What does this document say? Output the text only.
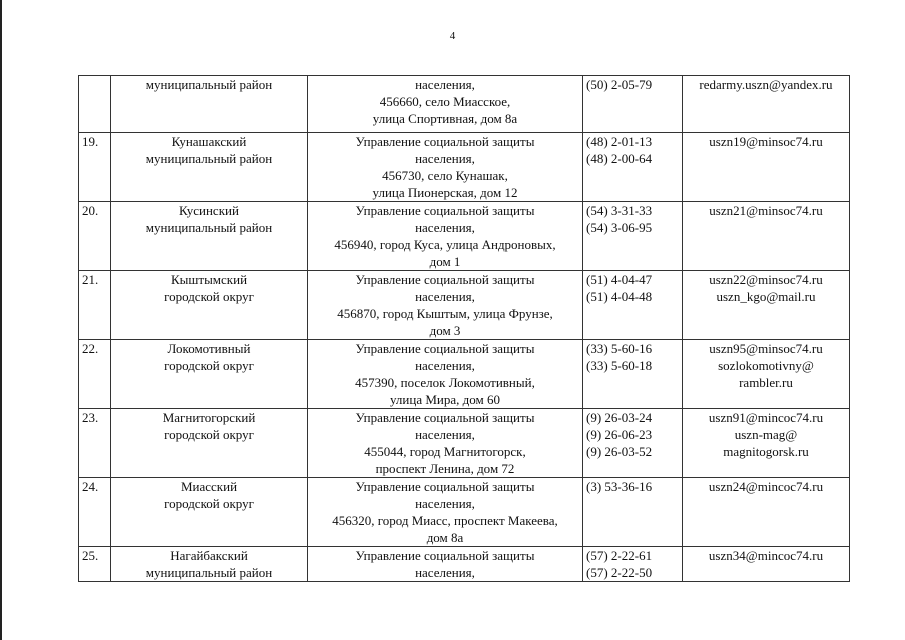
4

	муниципальный район	населения,
456660, село Миасское,
улица Спортивная, дом 8а	(50) 2-05-79	redarmy.uszn@yandex.ru

19.	Кунашакский
муниципальный район	Управление социальной защиты
населения,
456730, село Кунашак,
улица Пионерская, дом 12	(48) 2-01-13
(48) 2-00-64	uszn19@minsoc74.ru

20.	Кусинский
муниципальный район	Управление социальной защиты
населения,
456940, город Куса, улица Андроновых,
дом 1	(54) 3-31-33
(54) 3-06-95	uszn21@minsoc74.ru

21.	Кыштымский
городской округ	Управление социальной защиты
населения,
456870, город Кыштым, улица Фрунзе,
дом 3	(51) 4-04-47
(51) 4-04-48	uszn22@minsoc74.ru
uszn_kgo@mail.ru

22.	Локомотивный
городской округ	Управление социальной защиты
населения,
457390, поселок Локомотивный,
улица Мира, дом 60	(33) 5-60-16
(33) 5-60-18	uszn95@minsoc74.ru
sozlokomotivny@
rambler.ru

23.	Магнитогорский
городской округ	Управление социальной защиты
населения,
455044, город Магнитогорск,
проспект Ленина, дом 72	(9) 26-03-24
(9) 26-06-23
(9) 26-03-52	uszn91@mincoc74.ru
uszn-mag@
magnitogorsk.ru

24.	Миасский
городской округ	Управление социальной защиты
населения,
456320, город Миасс, проспект Макеева,
дом 8а	(3) 53-36-16	uszn24@mincoc74.ru

25.	Нагайбакский
муниципальный район	Управление социальной защиты
населения,	(57) 2-22-61
(57) 2-22-50	uszn34@mincoc74.ru
